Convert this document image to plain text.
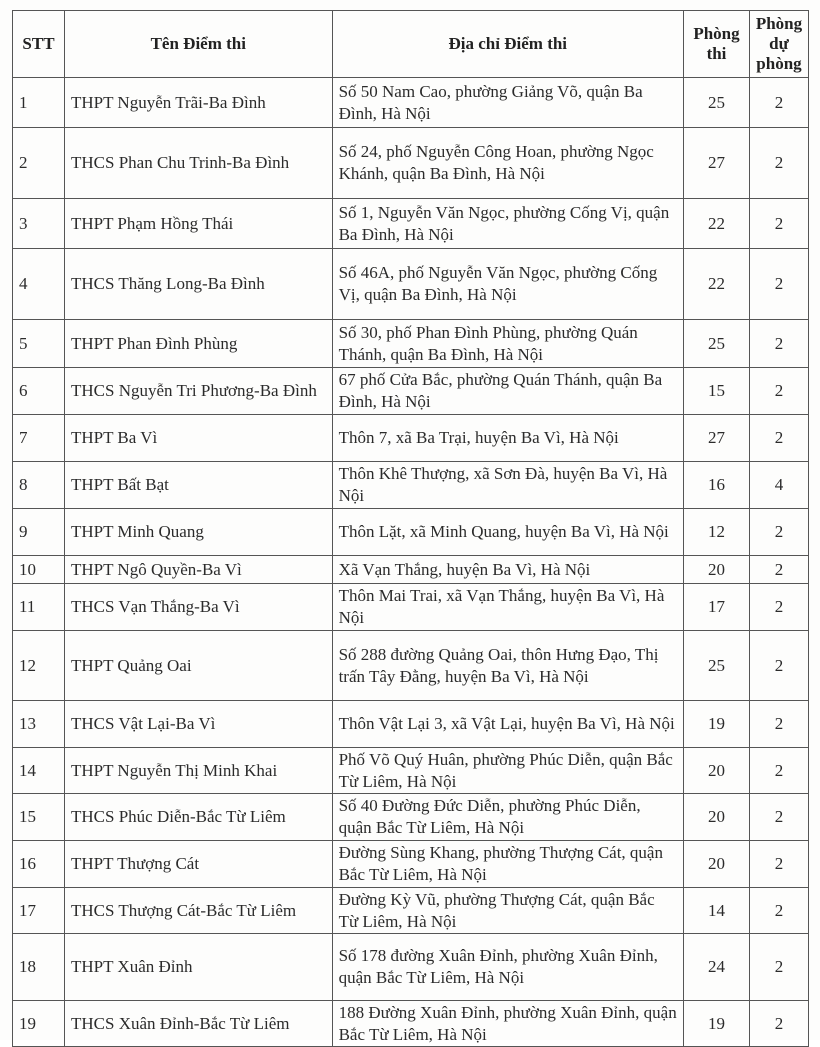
STT	Tên Điểm thi	Địa chỉ Điểm thi	Phòng thi	Phòng dự phòng
1	THPT Nguyễn Trãi-Ba Đình	Số 50 Nam Cao, phường Giảng Võ, quận Ba Đình, Hà Nội	25	2
2	THCS Phan Chu Trinh-Ba Đình	Số 24, phố Nguyễn Công Hoan, phường Ngọc Khánh, quận Ba Đình, Hà Nội	27	2
3	THPT Phạm Hồng Thái	Số 1, Nguyễn Văn Ngọc, phường Cống Vị, quận Ba Đình, Hà Nội	22	2
4	THCS Thăng Long-Ba Đình	Số 46A, phố Nguyễn Văn Ngọc, phường Cống Vị, quận Ba Đình, Hà Nội	22	2
5	THPT Phan Đình Phùng	Số 30, phố Phan Đình Phùng, phường Quán Thánh, quận Ba Đình, Hà Nội	25	2
6	THCS Nguyễn Tri Phương-Ba Đình	67 phố Cửa Bắc, phường Quán Thánh, quận Ba Đình, Hà Nội	15	2
7	THPT Ba Vì	Thôn 7, xã Ba Trại, huyện Ba Vì, Hà Nội	27	2
8	THPT Bất Bạt	Thôn Khê Thượng, xã Sơn Đà, huyện Ba Vì, Hà Nội	16	4
9	THPT Minh Quang	Thôn Lặt, xã Minh Quang, huyện Ba Vì, Hà Nội	12	2
10	THPT Ngô Quyền-Ba Vì	Xã Vạn Thắng, huyện Ba Vì, Hà Nội	20	2
11	THCS Vạn Thắng-Ba Vì	Thôn Mai Trai, xã Vạn Thắng, huyện Ba Vì, Hà Nội	17	2
12	THPT Quảng Oai	Số 288 đường Quảng Oai, thôn Hưng Đạo, Thị trấn Tây Đằng, huyện Ba Vì, Hà Nội	25	2
13	THCS Vật Lại-Ba Vì	Thôn Vật Lại 3, xã Vật Lại, huyện Ba Vì, Hà Nội	19	2
14	THPT Nguyễn Thị Minh Khai	Phố Võ Quý Huân, phường Phúc Diễn, quận Bắc Từ Liêm, Hà Nội	20	2
15	THCS Phúc Diễn-Bắc Từ Liêm	Số 40 Đường Đức Diễn, phường Phúc Diễn, quận Bắc Từ Liêm, Hà Nội	20	2
16	THPT Thượng Cát	Đường Sùng Khang, phường Thượng Cát, quận Bắc Từ Liêm, Hà Nội	20	2
17	THCS Thượng Cát-Bắc Từ Liêm	Đường Kỳ Vũ, phường Thượng Cát, quận Bắc Từ Liêm, Hà Nội	14	2
18	THPT Xuân Đỉnh	Số 178 đường Xuân Đỉnh, phường Xuân Đỉnh, quận Bắc Từ Liêm, Hà Nội	24	2
19	THCS Xuân Đỉnh-Bắc Từ Liêm	188 Đường Xuân Đỉnh, phường Xuân Đỉnh, quận Bắc Từ Liêm, Hà Nội	19	2
